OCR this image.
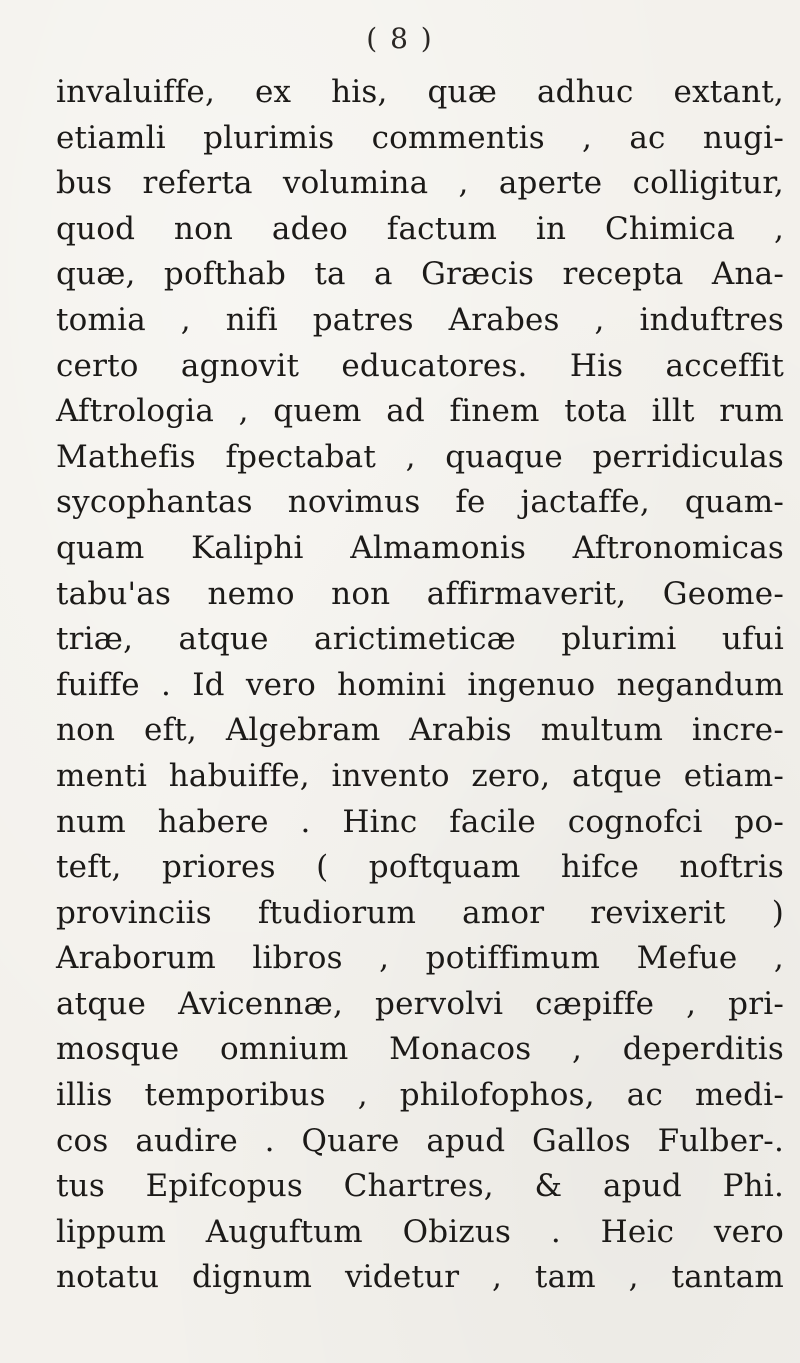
( 8 )
invaluiffe, ex his, quæ adhuc extant,
etiamli plurimis commentis , ac nugi-
bus referta volumina , aperte colligitur,
quod non adeo factum in Chimica ,
quæ, pofthab ta a Græcis recepta Ana-
tomia , nifi patres Arabes , induftres
certo agnovit educatores. His acceffit
Aftrologia , quem ad finem tota illt rum
Mathefis fpectabat , quaque perridiculas
sycophantas novimus fe jactaffe, quam-
quam Kaliphi Almamonis Aftronomicas
tabu'as nemo non affirmaverit, Geome-
triæ, atque arictimeticæ plurimi ufui
fuiffe . Id vero homini ingenuo negandum
non eft, Algebram Arabis multum incre-
menti habuiffe, invento zero, atque etiam-
num habere . Hinc facile cognofci po-
teft, priores ( poftquam hifce noftris
provinciis ftudiorum amor revixerit )
Araborum libros , potiffimum Mefue ,
atque Avicennæ, pervolvi cæpiffe , pri-
mosque omnium Monacos , deperditis
illis temporibus , philofophos, ac medi-
cos audire . Quare apud Gallos Fulber-.
tus Epifcopus Chartres, & apud Phi.
lippum Auguftum Obizus . Heic vero
notatu dignum videtur , tam , tantam
